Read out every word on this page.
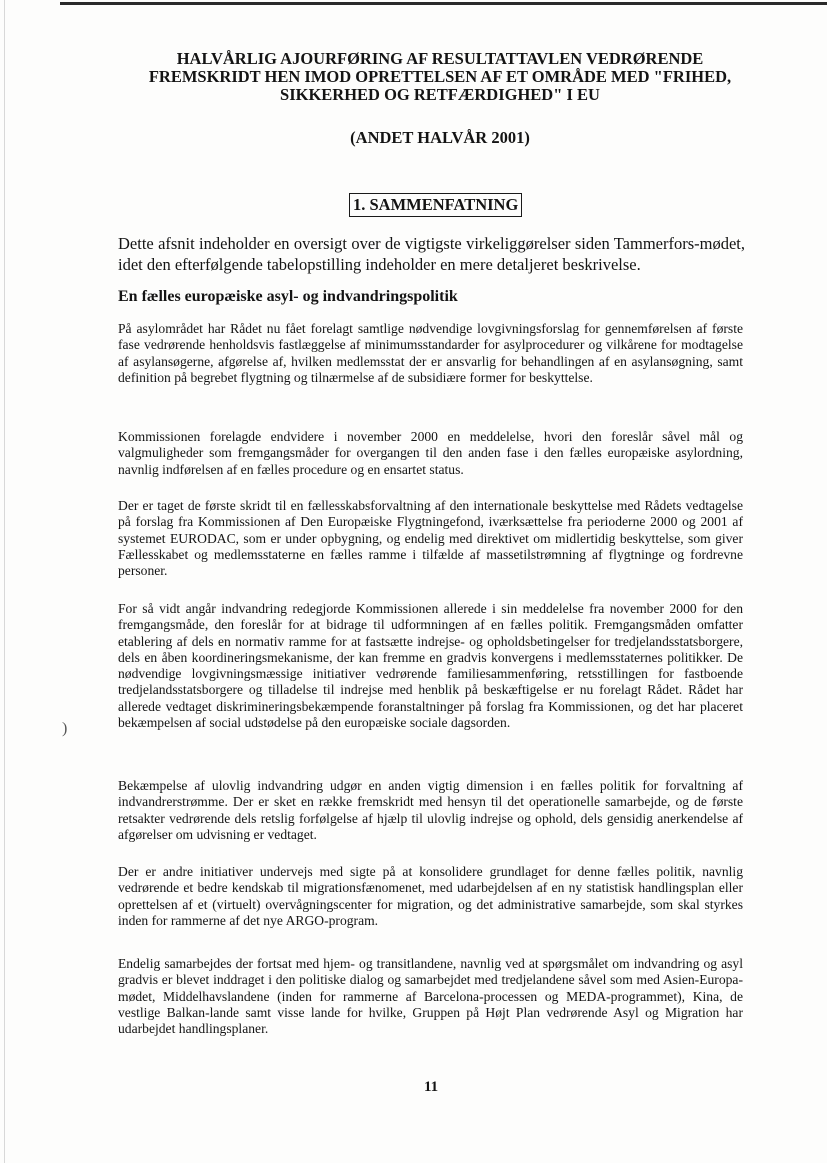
HALVÅRLIG AJOURFØRING AF RESULTATTAVLEN VEDRØRENDE
FREMSKRIDT HEN IMOD OPRETTELSEN AF ET OMRÅDE MED "FRIHED,
SIKKERHED OG RETFÆRDIGHED" I EU
(ANDET HALVÅR 2001)
1. SAMMENFATNING
Dette afsnit indeholder en oversigt over de vigtigste virkeliggørelser siden Tammerfors-mødet, idet den efterfølgende tabelopstilling indeholder en mere detaljeret beskrivelse.
En fælles europæiske asyl- og indvandringspolitik
På asylområdet har Rådet nu fået forelagt samtlige nødvendige lovgivningsforslag for gennemførelsen af første fase vedrørende henholdsvis fastlæggelse af minimumsstandarder for asylprocedurer og vilkårene for modtagelse af asylansøgerne, afgørelse af, hvilken medlemsstat der er ansvarlig for behandlingen af en asylansøgning, samt definition på begrebet flygtning og tilnærmelse af de subsidiære former for beskyttelse.
Kommissionen forelagde endvidere i november 2000 en meddelelse, hvori den foreslår såvel mål og valgmuligheder som fremgangsmåder for overgangen til den anden fase i den fælles europæiske asylordning, navnlig indførelsen af en fælles procedure og en ensartet status.
Der er taget de første skridt til en fællesskabsforvaltning af den internationale beskyttelse med Rådets vedtagelse på forslag fra Kommissionen af Den Europæiske Flygtningefond, iværksættelse fra perioderne 2000 og 2001 af systemet EURODAC, som er under opbygning, og endelig med direktivet om midlertidig beskyttelse, som giver Fællesskabet og medlemsstaterne en fælles ramme i tilfælde af massetilstrømning af flygtninge og fordrevne personer.
For så vidt angår indvandring redegjorde Kommissionen allerede i sin meddelelse fra november 2000 for den fremgangsmåde, den foreslår for at bidrage til udformningen af en fælles politik. Fremgangsmåden omfatter etablering af dels en normativ ramme for at fastsætte indrejse- og opholdsbetingelser for tredjelandsstatsborgere, dels en åben koordineringsmekanisme, der kan fremme en gradvis konvergens i medlemsstaternes politikker. De nødvendige lovgivningsmæssige initiativer vedrørende familiesammenføring, retsstillingen for fastboende tredjelandsstatsborgere og tilladelse til indrejse med henblik på beskæftigelse er nu forelagt Rådet. Rådet har allerede vedtaget diskrimineringsbekæmpende foranstaltninger på forslag fra Kommissionen, og det har placeret bekæmpelsen af social udstødelse på den europæiske sociale dagsorden.
Bekæmpelse af ulovlig indvandring udgør en anden vigtig dimension i en fælles politik for forvaltning af indvandrerstrømme. Der er sket en række fremskridt med hensyn til det operationelle samarbejde, og de første retsakter vedrørende dels retslig forfølgelse af hjælp til ulovlig indrejse og ophold, dels gensidig anerkendelse af afgørelser om udvisning er vedtaget.
Der er andre initiativer undervejs med sigte på at konsolidere grundlaget for denne fælles politik, navnlig vedrørende et bedre kendskab til migrationsfænomenet, med udarbejdelsen af en ny statistisk handlingsplan eller oprettelsen af et (virtuelt) overvågningscenter for migration, og det administrative samarbejde, som skal styrkes inden for rammerne af det nye ARGO-program.
Endelig samarbejdes der fortsat med hjem- og transitlandene, navnlig ved at spørgsmålet om indvandring og asyl gradvis er blevet inddraget i den politiske dialog og samarbejdet med tredjelandene såvel som med Asien-Europa-mødet, Middelhavslandene (inden for rammerne af Barcelona-processen og MEDA-programmet), Kina, de vestlige Balkan-lande samt visse lande for hvilke, Gruppen på Højt Plan vedrørende Asyl og Migration har udarbejdet handlingsplaner.
)
11
